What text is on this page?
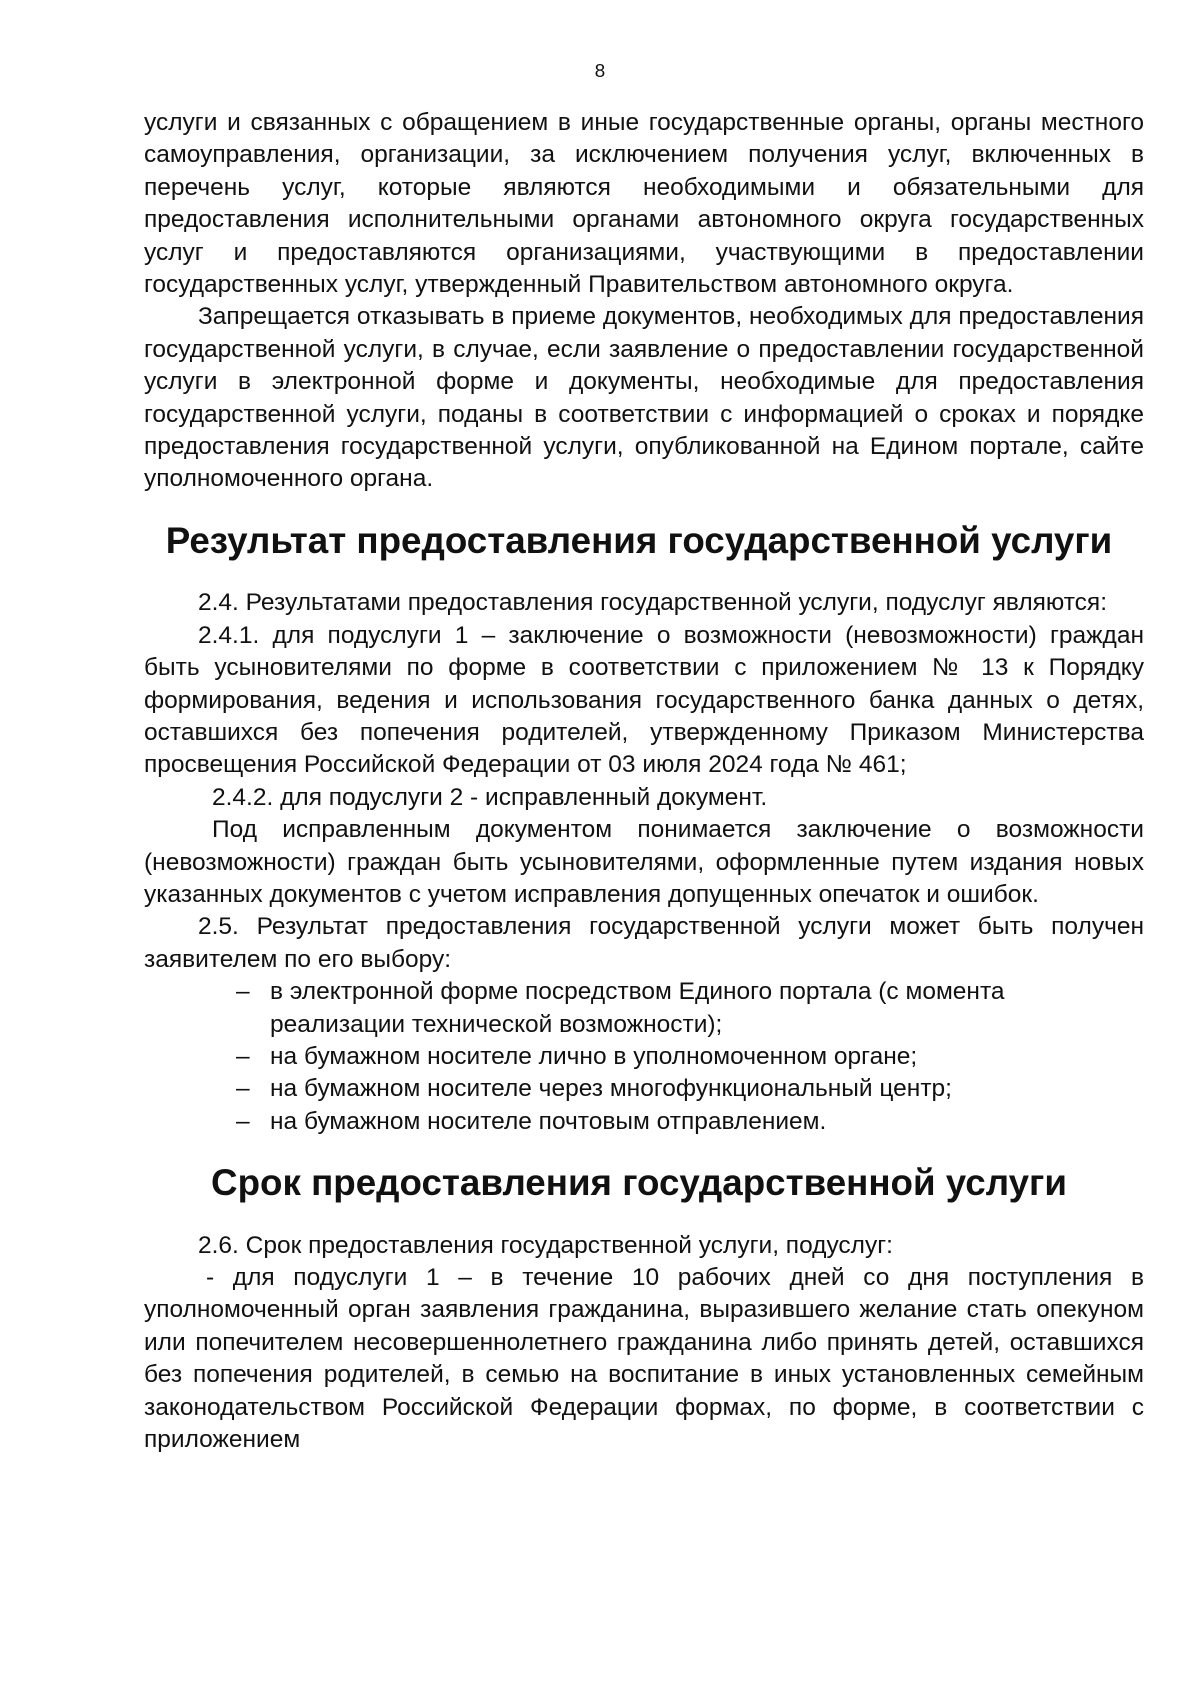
8

услуги и связанных с обращением в иные государственные органы, органы местного самоуправления, организации, за исключением получения услуг, включенных в перечень услуг, которые являются необходимыми и обязательными для предоставления исполнительными органами автономного округа государственных услуг и предоставляются организациями, участвующими в предоставлении государственных услуг, утвержденный Правительством автономного округа.

Запрещается отказывать в приеме документов, необходимых для предоставления государственной услуги, в случае, если заявление о предоставлении государственной услуги в электронной форме и документы, необходимые для предоставления государственной услуги, поданы в соответствии с информацией о сроках и порядке предоставления государственной услуги, опубликованной на Едином портале, сайте уполномоченного органа.

Результат предоставления государственной услуги

2.4. Результатами предоставления государственной услуги, подуслуг являются:

2.4.1. для подуслуги 1 – заключение о возможности (невозможности) граждан быть усыновителями по форме в соответствии с приложением № 13 к Порядку формирования, ведения и использования государственного банка данных о детях, оставшихся без попечения родителей, утвержденному Приказом Министерства просвещения Российской Федерации от 03 июля 2024 года № 461;

2.4.2. для подуслуги 2 - исправленный документ.

Под исправленным документом понимается заключение о возможности (невозможности) граждан быть усыновителями, оформленные путем издания новых указанных документов с учетом исправления допущенных опечаток и ошибок.

2.5. Результат предоставления государственной услуги может быть получен заявителем по его выбору:

– в электронной форме посредством Единого портала (с момента реализации технической возможности);
– на бумажном носителе лично в уполномоченном органе;
– на бумажном носителе через многофункциональный центр;
– на бумажном носителе почтовым отправлением.
Срок предоставления государственной услуги

2.6. Срок предоставления государственной услуги, подуслуг:

- для подуслуги 1 – в течение 10 рабочих дней со дня поступления в уполномоченный орган заявления гражданина, выразившего желание стать опекуном или попечителем несовершеннолетнего гражданина либо принять детей, оставшихся без попечения родителей, в семью на воспитание в иных установленных семейным законодательством Российской Федерации формах, по форме, в соответствии с приложением
